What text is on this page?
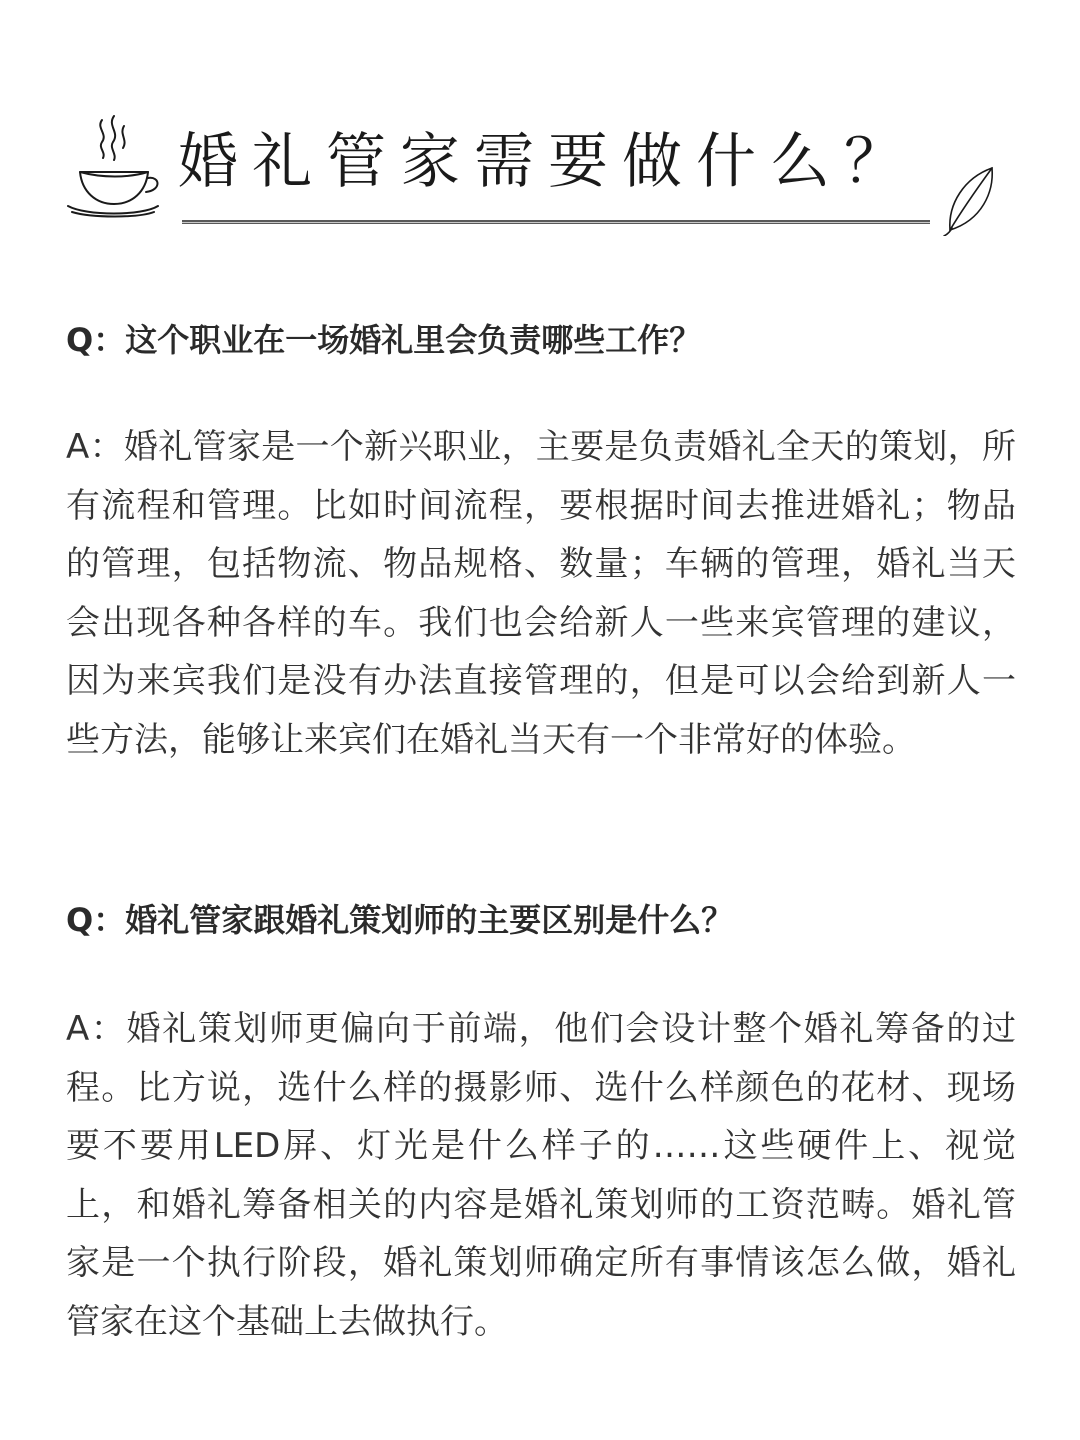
婚礼管家需要做什么？

Q：这个职业在一场婚礼里会负责哪些工作？

A：婚礼管家是一个新兴职业，主要是负责婚礼全天的策划，所有流程和管理。比如时间流程，要根据时间去推进婚礼；物品的管理，包括物流、物品规格、数量；车辆的管理，婚礼当天会出现各种各样的车。我们也会给新人一些来宾管理的建议，因为来宾我们是没有办法直接管理的，但是可以会给到新人一些方法，能够让来宾们在婚礼当天有一个非常好的体验。

Q：婚礼管家跟婚礼策划师的主要区别是什么？

A：婚礼策划师更偏向于前端，他们会设计整个婚礼筹备的过程。比方说，选什么样的摄影师、选什么样颜色的花材、现场要不要用LED屏、灯光是什么样子的……这些硬件上、视觉上，和婚礼筹备相关的内容是婚礼策划师的工资范畴。婚礼管家是一个执行阶段，婚礼策划师确定所有事情该怎么做，婚礼管家在这个基础上去做执行。
